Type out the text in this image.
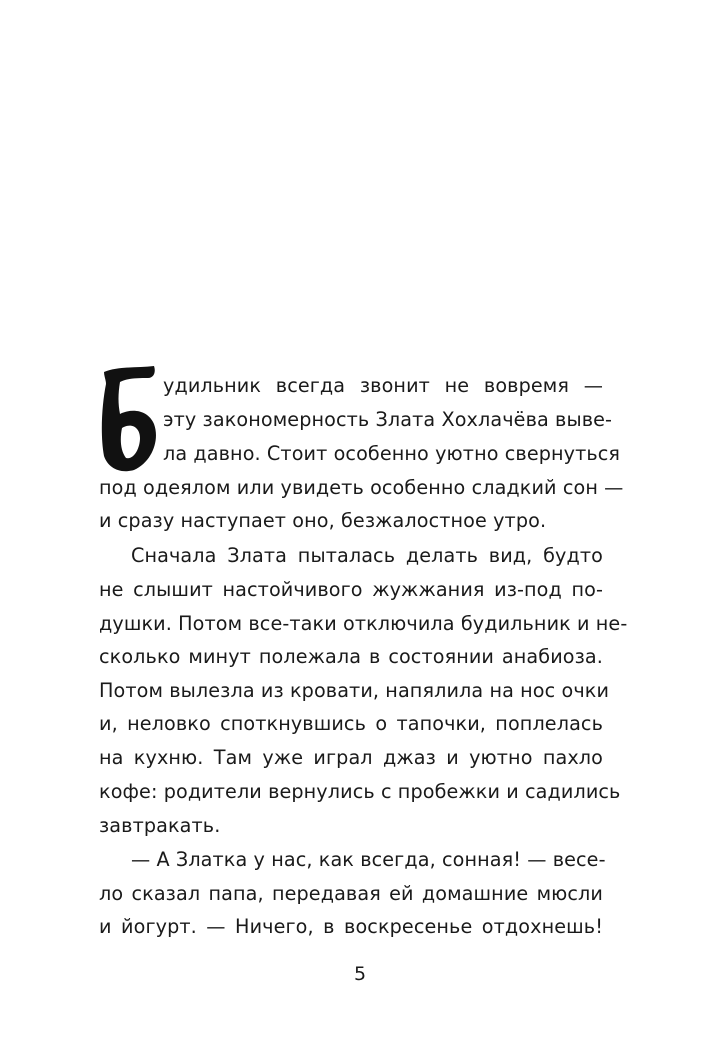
удильник всегда звонит не вовремя —
эту закономерность Злата Хохлачёва выве-
ла давно. Стоит особенно уютно свернуться
под одеялом или увидеть особенно сладкий сон —
и сразу наступает оно, безжалостное утро.
Сначала Злата пыталась делать вид, будто
не слышит настойчивого жужжания из-под по-
душки. Потом все-таки отключила будильник и не-
сколько минут полежала в состоянии анабиоза.
Потом вылезла из кровати, напялила на нос очки
и, неловко споткнувшись о тапочки, поплелась
на кухню. Там уже играл джаз и уютно пахло
кофе: родители вернулись с пробежки и садились
завтракать.
— А Златка у нас, как всегда, сонная! — весе-
ло сказал папа, передавая ей домашние мюсли
и йогурт. — Ничего, в воскресенье отдохнешь!
5
